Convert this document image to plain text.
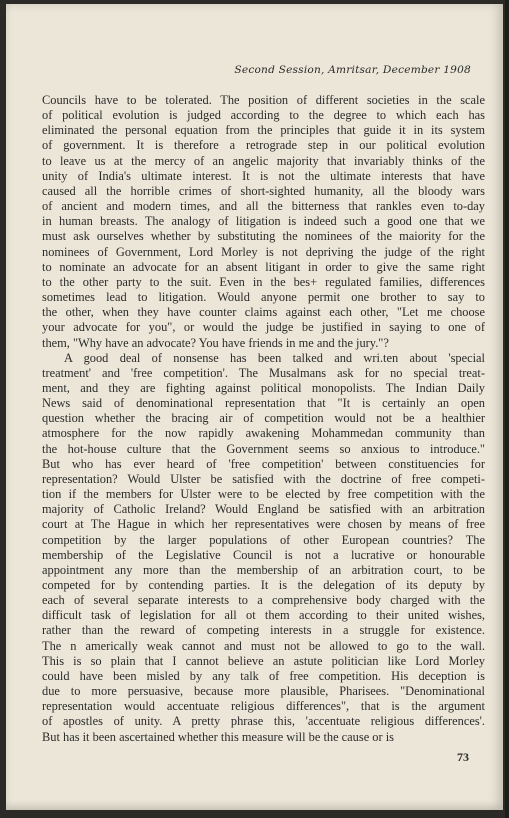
Second Session, Amritsar, December 1908
Councils have to be tolerated. The position of different societies in the scale
of political evolution is judged according to the degree to which each has
eliminated the personal equation from the principles that guide it in its system
of government. It is therefore a retrograde step in our political evolution
to leave us at the mercy of an angelic majority that invariably thinks of the
unity of India's ultimate interest. It is not the ultimate interests that have
caused all the horrible crimes of short-sighted humanity, all the bloody wars
of ancient and modern times, and all the bitterness that rankles even to-day
in human breasts. The analogy of litigation is indeed such a good one that we
must ask ourselves whether by substituting the nominees of the maiority for the
nominees of Government, Lord Morley is not depriving the judge of the right
to nominate an advocate for an absent litigant in order to give the same right
to the other party to the suit. Even in the bes+ regulated families, differences
sometimes lead to litigation. Would anyone permit one brother to say to
the other, when they have counter claims against each other, "Let me choose
your advocate for you", or would the judge be justified in saying to one of
them, "Why have an advocate? You have friends in me and the jury."?
A good deal of nonsense has been talked and wri.ten about 'special
treatment' and 'free competition'. The Musalmans ask for no special treat-
ment, and they are fighting against political monopolists. The Indian Daily
News said of denominational representation that "It is certainly an open
question whether the bracing air of competition would not be a healthier
atmosphere for the now rapidly awakening Mohammedan community than
the hot-house culture that the Government seems so anxious to introduce."
But who has ever heard of 'free competition' between constituencies for
representation? Would Ulster be satisfied with the doctrine of free competi-
tion if the members for Ulster were to be elected by free competition with the
majority of Catholic Ireland? Would England be satisfied with an arbitration
court at The Hague in which her representatives were chosen by means of free
competition by the larger populations of other European countries? The
membership of the Legislative Council is not a lucrative or honourable
appointment any more than the membership of an arbitration court, to be
competed for by contending parties. It is the delegation of its deputy by
each of several separate interests to a comprehensive body charged with the
difficult task of legislation for all ot them according to their united wishes,
rather than the reward of competing interests in a struggle for existence.
The n americally weak cannot and must not be allowed to go to the wall.
This is so plain that I cannot believe an astute politician like Lord Morley
could have been misled by any talk of free competition. His deception is
due to more persuasive, because more plausible, Pharisees. "Denominational
representation would accentuate religious differences", that is the argument
of apostles of unity. A pretty phrase this, 'accentuate religious differences'.
But has it been ascertained whether this measure will be the cause or is
73
